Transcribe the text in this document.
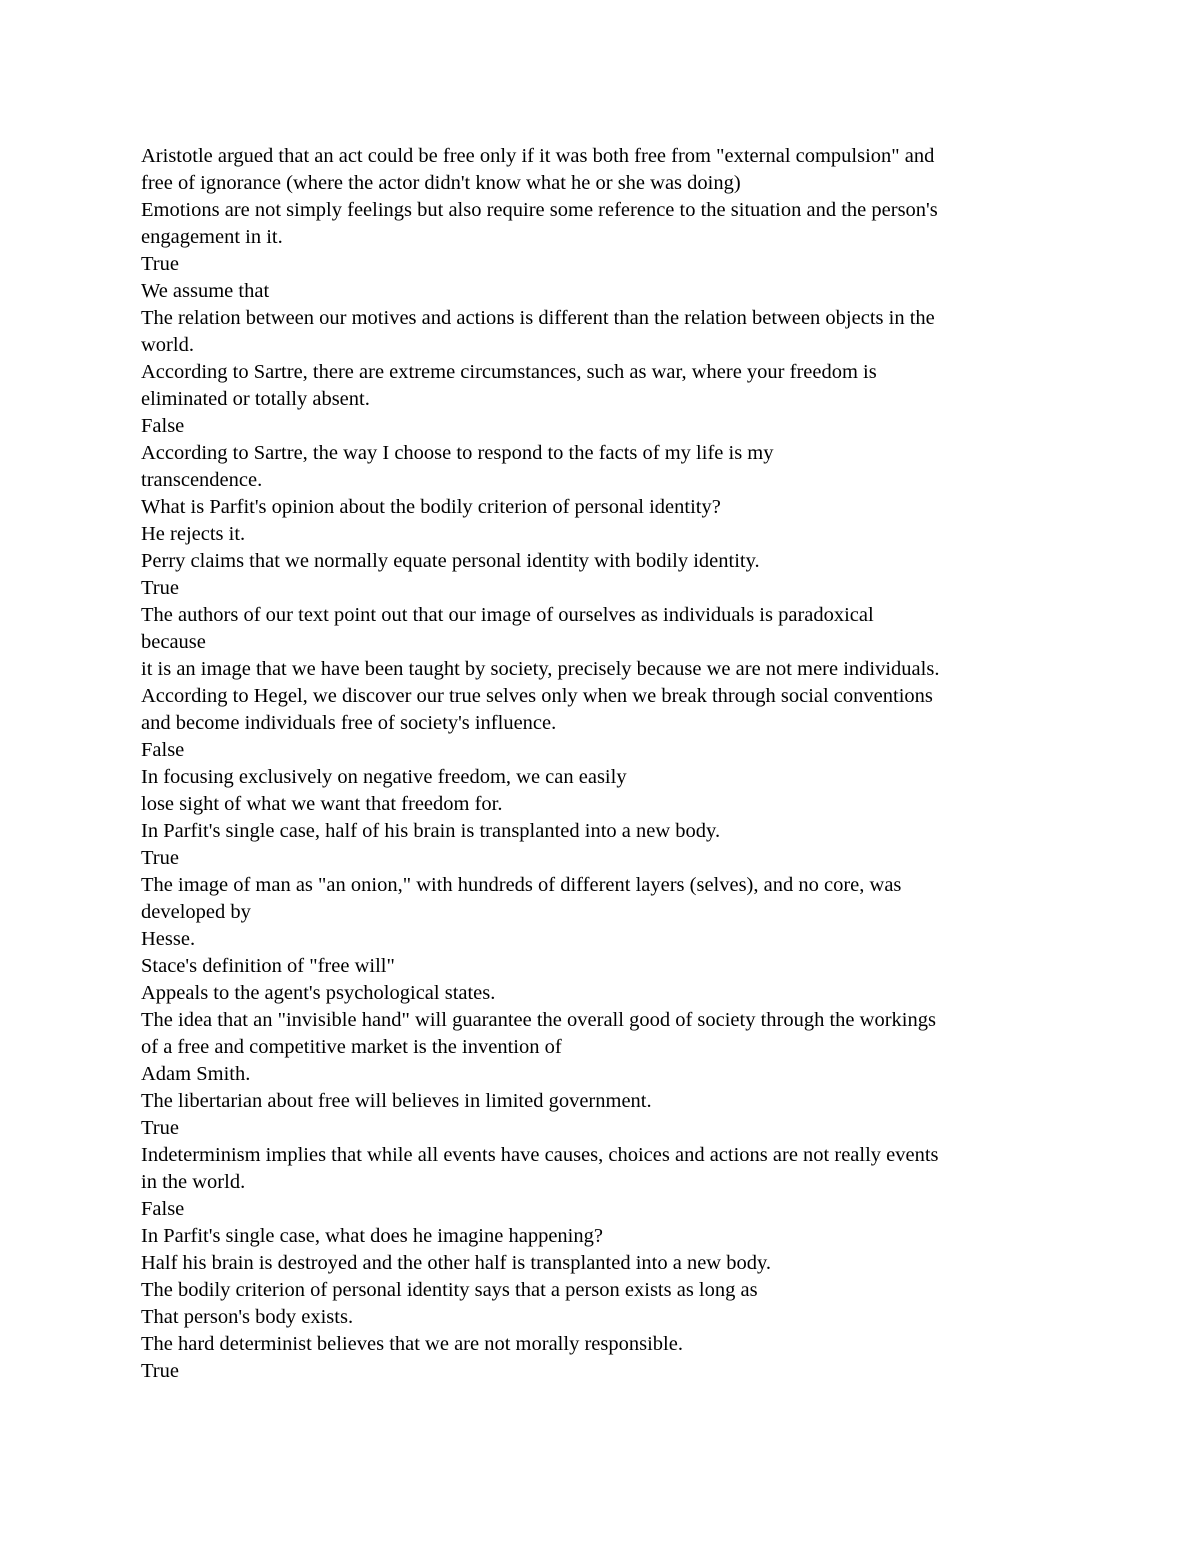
Aristotle argued that an act could be free only if it was both free from "external compulsion" and
free of ignorance (where the actor didn't know what he or she was doing)
Emotions are not simply feelings but also require some reference to the situation and the person's
engagement in it.
True
We assume that
The relation between our motives and actions is different than the relation between objects in the
world.
According to Sartre, there are extreme circumstances, such as war, where your freedom is
eliminated or totally absent.
False
According to Sartre, the way I choose to respond to the facts of my life is my
transcendence.
What is Parfit's opinion about the bodily criterion of personal identity?
He rejects it.
Perry claims that we normally equate personal identity with bodily identity.
True
The authors of our text point out that our image of ourselves as individuals is paradoxical
because
it is an image that we have been taught by society, precisely because we are not mere individuals.
According to Hegel, we discover our true selves only when we break through social conventions
and become individuals free of society's influence.
False
In focusing exclusively on negative freedom, we can easily
lose sight of what we want that freedom for.
In Parfit's single case, half of his brain is transplanted into a new body.
True
The image of man as "an onion," with hundreds of different layers (selves), and no core, was
developed by
Hesse.
Stace's definition of "free will"
Appeals to the agent's psychological states.
The idea that an "invisible hand" will guarantee the overall good of society through the workings
of a free and competitive market is the invention of
Adam Smith.
The libertarian about free will believes in limited government.
True
Indeterminism implies that while all events have causes, choices and actions are not really events
in the world.
False
In Parfit's single case, what does he imagine happening?
Half his brain is destroyed and the other half is transplanted into a new body.
The bodily criterion of personal identity says that a person exists as long as
That person's body exists.
The hard determinist believes that we are not morally responsible.
True
